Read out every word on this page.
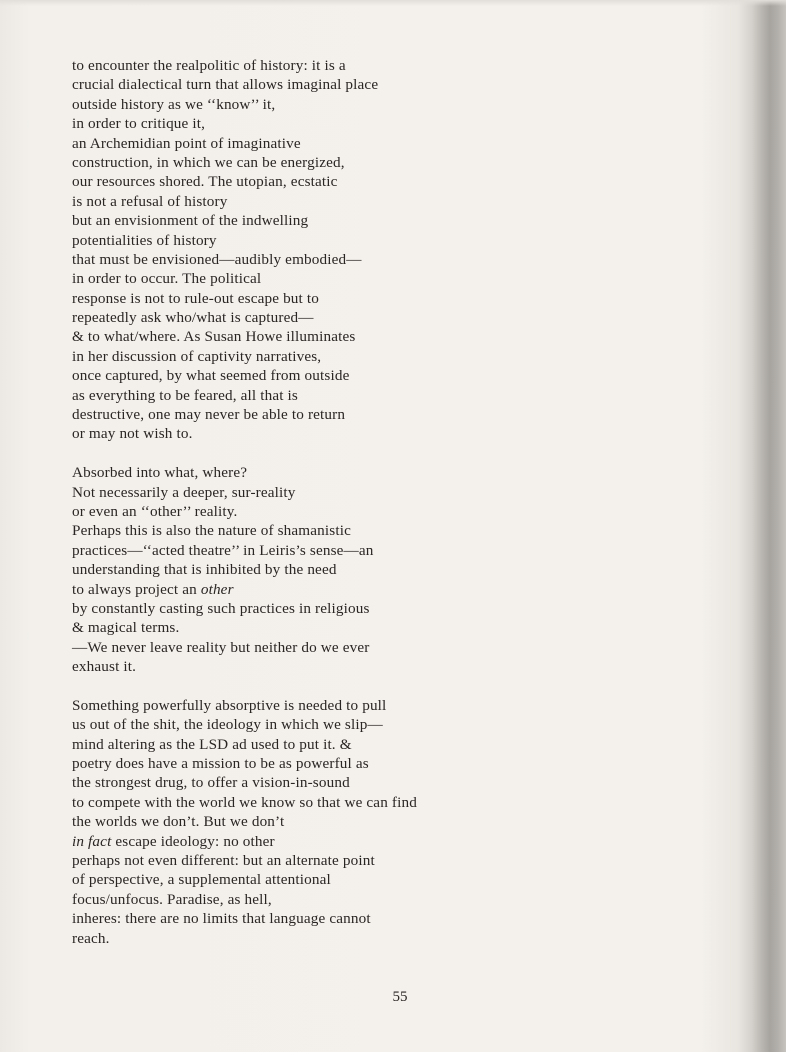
to encounter the realpolitic of history: it is a
crucial dialectical turn that allows imaginal place
outside history as we ‘‘know’’ it,
in order to critique it,
an Archemidian point of imaginative
construction, in which we can be energized,
our resources shored. The utopian, ecstatic
is not a refusal of history
but an envisionment of the indwelling
potentialities of history
that must be envisioned—audibly embodied—
in order to occur. The political
response is not to rule-out escape but to
repeatedly ask who/what is captured—
& to what/where. As Susan Howe illuminates
in her discussion of captivity narratives,
once captured, by what seemed from outside
as everything to be feared, all that is
destructive, one may never be able to return
or may not wish to.
Absorbed into what, where?
Not necessarily a deeper, sur-reality
or even an ‘‘other’’ reality.
Perhaps this is also the nature of shamanistic
practices—‘‘acted theatre’’ in Leiris’s sense—an
understanding that is inhibited by the need
to always project an other
by constantly casting such practices in religious
& magical terms.
—We never leave reality but neither do we ever
exhaust it.
Something powerfully absorptive is needed to pull
us out of the shit, the ideology in which we slip—
mind altering as the LSD ad used to put it. &
poetry does have a mission to be as powerful as
the strongest drug, to offer a vision-in-sound
to compete with the world we know so that we can find
the worlds we don’t. But we don’t
in fact escape ideology: no other
perhaps not even different: but an alternate point
of perspective, a supplemental attentional
focus/unfocus. Paradise, as hell,
inheres: there are no limits that language cannot
reach.
55
